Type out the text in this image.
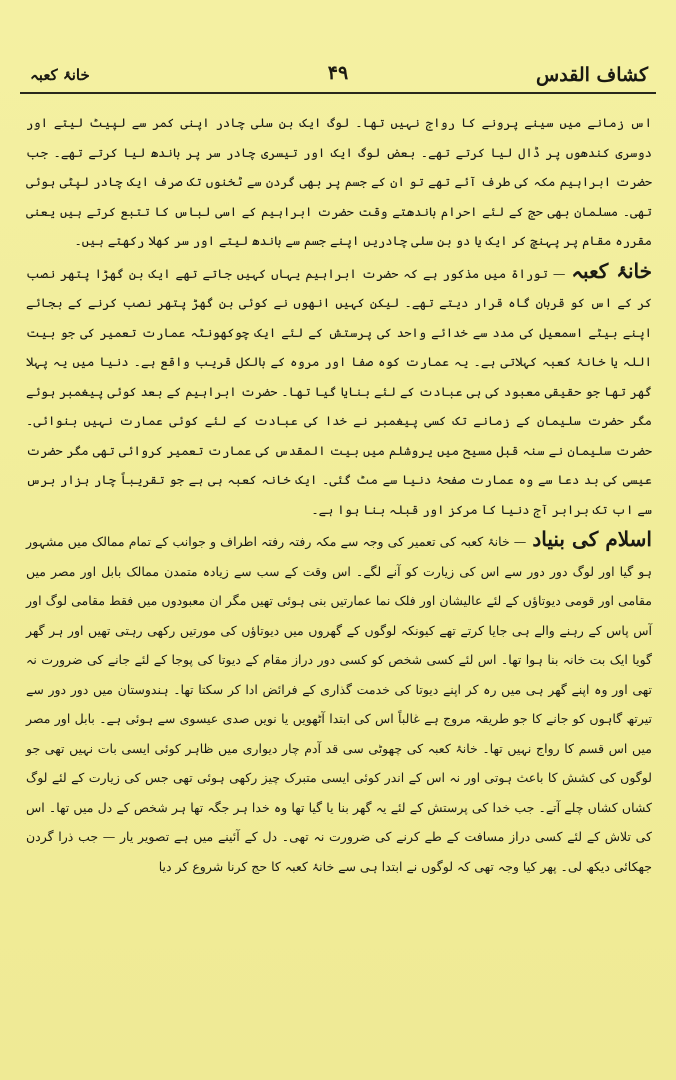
کشاف القدس
۴۹
خانۂ کعبہ

اس زمانے میں سینے پرونے کا رواج نہیں تھا۔ لوگ ایک بن سلی چادر اپنی کمر سے لپیٹ لیتے اور دوسری کندھوں پر ڈال لیا کرتے تھے۔ بعض لوگ ایک اور تیسری چادر سر پر باندھ لیا کرتے تھے۔ جب حضرت ابراہیم مکہ کی طرف آئے تھے تو ان کے جسم پر بھی گردن سے ٹخنوں تک صرف ایک چادر لپٹی ہوئی تھی۔ مسلمان بھی حج کے لئے احرام باندھتے وقت حضرت ابراہیم کے اسی لباس کا تتبع کرتے ہیں یعنی مقررہ مقام پر پہنچ کر ایک یا دو بن سلی چادریں اپنے جسم سے باندھ لیتے اور سر کھلا رکھتے ہیں۔

خانۂ کعبہ— توراۃ میں مذکور ہے کہ حضرت ابراہیم یہاں کہیں جاتے تھے ایک بن گھڑا پتھر نصب کر کے اس کو قربان گاہ قرار دیتے تھے۔ لیکن کہیں انھوں نے کوئی بن گھڑ پتھر نصب کرنے کے بجائے اپنے بیٹے اسمعیل کی مدد سے خدائے واحد کی پرستش کے لئے ایک چوکھونٹہ عمارت تعمیر کی جو بیت اللہ یا خانۂ کعبہ کہلاتی ہے۔ یہ عمارت کوہ صفا اور مروہ کے بالکل قریب واقع ہے۔ دنیا میں یہ پہلا گھر تھا جو حقیقی معبود کی ہی عبادت کے لئے بنایا گیا تھا۔ حضرت ابراہیم کے بعد کوئی پیغمبر ہوئے مگر حضرت سلیمان کے زمانے تک کسی پیغمبر نے خدا کی عبادت کے لئے کوئی عمارت نہیں بنوائی۔ حضرت سلیمان نے سنہ قبل مسیح میں یروشلم میں بیت المقدس کی عمارت تعمیر کروائی تھی مگر حضرت عیسی کی بد دعا سے وہ عمارت صفحۂ دنیا سے مٹ گئی۔ ایک خانہ کعبہ ہی ہے جو تقریباً چار ہزار برس سے اب تک برابر آج دنیا کا مرکز اور قبلہ بنا ہوا ہے۔

اسلام کی بنیاد— خانۂ کعبہ کی تعمیر کی وجہ سے مکہ رفتہ رفتہ اطراف و جوانب کے تمام ممالک میں مشہور ہو گیا اور لوگ دور دور سے اس کی زیارت کو آنے لگے۔ اس وقت کے سب سے زیادہ متمدن ممالک بابل اور مصر میں مقامی اور قومی دیوتاؤں کے لئے عالیشان اور فلک نما عمارتیں بنی ہوئی تھیں مگر ان معبودوں میں فقط مقامی لوگ اور آس پاس کے رہنے والے ہی جایا کرتے تھے کیونکہ لوگوں کے گھروں میں دیوتاؤں کی مورتیں رکھی رہتی تھیں اور ہر گھر گویا ایک بت خانہ بنا ہوا تھا۔ اس لئے کسی شخص کو کسی دور دراز مقام کے دیوتا کی پوجا کے لئے جانے کی ضرورت نہ تھی اور وہ اپنے گھر ہی میں رہ کر اپنے دیوتا کی خدمت گذاری کے فرائض ادا کر سکتا تھا۔ ہندوستان میں دور دور سے تیرتھ گاہوں کو جانے کا جو طریقہ مروج ہے غالباً اس کی ابتدا آٹھویں یا نویں صدی عیسوی سے ہوئی ہے۔ بابل اور مصر میں اس قسم کا رواج نہیں تھا۔ خانۂ کعبہ کی چھوٹی سی قد آدم چار دیواری میں ظاہر کوئی ایسی بات نہیں تھی جو لوگوں کی کشش کا باعث ہوتی اور نہ اس کے اندر کوئی ایسی متبرک چیز رکھی ہوئی تھی جس کی زیارت کے لئے لوگ کشاں کشاں چلے آتے۔ جب خدا کی پرستش کے لئے یہ گھر بنا یا گیا تھا وہ خدا ہر جگہ تھا ہر شخص کے دل میں تھا۔ اس کی تلاش کے لئے کسی دراز مسافت کے طے کرنے کی ضرورت نہ تھی۔ دل کے آئینے میں ہے تصویر یار — جب ذرا گردن جھکائی دیکھ لی۔ پھر کیا وجہ تھی کہ لوگوں نے ابتدا ہی سے خانۂ کعبہ کا حج کرنا شروع کر دیا
